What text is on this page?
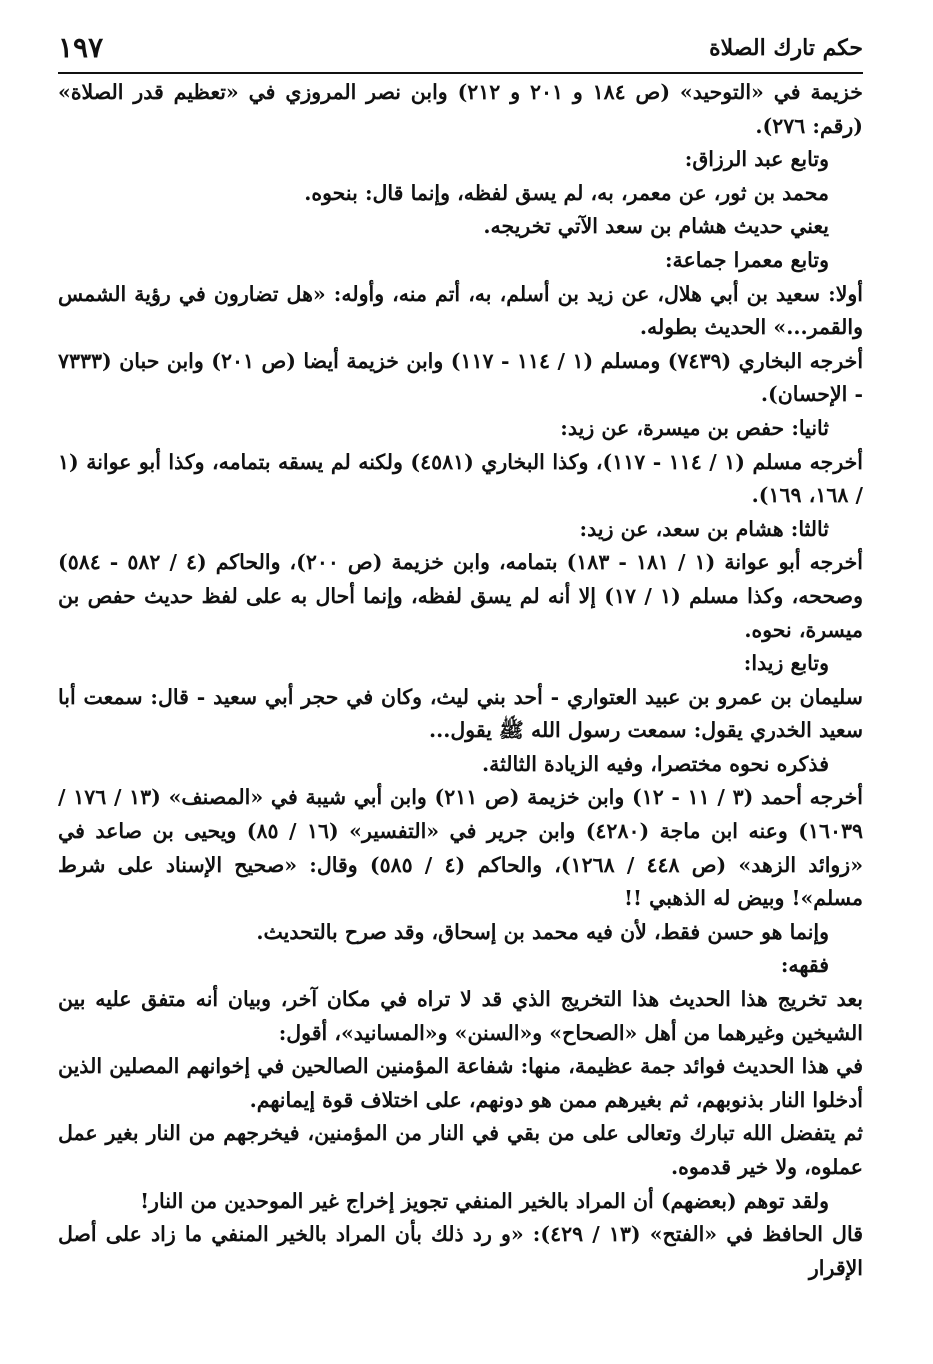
١٩٧	حكم تارك الصلاة

خزيمة في «التوحيد» (ص ١٨٤ و ٢٠١ و ٢١٢) وابن نصر المروزي في «تعظيم قدر الصلاة» (رقم: ٢٧٦).

وتابع عبد الرزاق:

محمد بن ثور، عن معمر، به، لم يسق لفظه، وإنما قال: بنحوه.

يعني حديث هشام بن سعد الآتي تخريجه.

وتابع معمرا جماعة:

أولا: سعيد بن أبي هلال، عن زيد بن أسلم، به، أتم منه، وأوله: «هل تضارون في رؤية الشمس والقمر...» الحديث بطوله.

أخرجه البخاري (٧٤٣٩) ومسلم (١ / ١١٤ - ١١٧) وابن خزيمة أيضا (ص ٢٠١) وابن حبان (٧٣٣٣ - الإحسان).

ثانيا: حفص بن ميسرة، عن زيد:

أخرجه مسلم (١ / ١١٤ - ١١٧)، وكذا البخاري (٤٥٨١) ولكنه لم يسقه بتمامه، وكذا أبو عوانة (١ / ١٦٨، ١٦٩).

ثالثا: هشام بن سعد، عن زيد:

أخرجه أبو عوانة (١ / ١٨١ - ١٨٣) بتمامه، وابن خزيمة (ص ٢٠٠)، والحاكم (٤ / ٥٨٢ - ٥٨٤) وصححه، وكذا مسلم (١ / ١٧) إلا أنه لم يسق لفظه، وإنما أحال به على لفظ حديث حفص بن ميسرة، نحوه.

وتابع زيدا:

سليمان بن عمرو بن عبيد العتواري - أحد بني ليث، وكان في حجر أبي سعيد - قال: سمعت أبا سعيد الخدري يقول: سمعت رسول الله ﷺ يقول...

فذكره نحوه مختصرا، وفيه الزيادة الثالثة.

أخرجه أحمد (٣ / ١١ - ١٢) وابن خزيمة (ص ٢١١) وابن أبي شيبة في «المصنف» (١٣ / ١٧٦ / ١٦٠٣٩) وعنه ابن ماجة (٤٢٨٠) وابن جرير في «التفسير» (١٦ / ٨٥) ويحيى بن صاعد في «زوائد الزهد» (ص ٤٤٨ / ١٢٦٨)، والحاكم (٤ / ٥٨٥) وقال: «صحيح الإسناد على شرط مسلم»! وبيض له الذهبي !!

وإنما هو حسن فقط، لأن فيه محمد بن إسحاق، وقد صرح بالتحديث.

فقهه:

بعد تخريج هذا الحديث هذا التخريج الذي قد لا تراه في مكان آخر، وبيان أنه متفق عليه بين الشيخين وغيرهما من أهل «الصحاح» و«السنن» و«المسانيد»، أقول:

في هذا الحديث فوائد جمة عظيمة، منها: شفاعة المؤمنين الصالحين في إخوانهم المصلين الذين أدخلوا النار بذنوبهم، ثم بغيرهم ممن هو دونهم، على اختلاف قوة إيمانهم.

ثم يتفضل الله تبارك وتعالى على من بقي في النار من المؤمنين، فيخرجهم من النار بغير عمل عملوه، ولا خير قدموه.

ولقد توهم (بعضهم) أن المراد بالخير المنفي تجويز إخراج غير الموحدين من النار!

قال الحافظ في «الفتح» (١٣ / ٤٢٩): «و رد ذلك بأن المراد بالخير المنفي ما زاد على أصل الإقرار
